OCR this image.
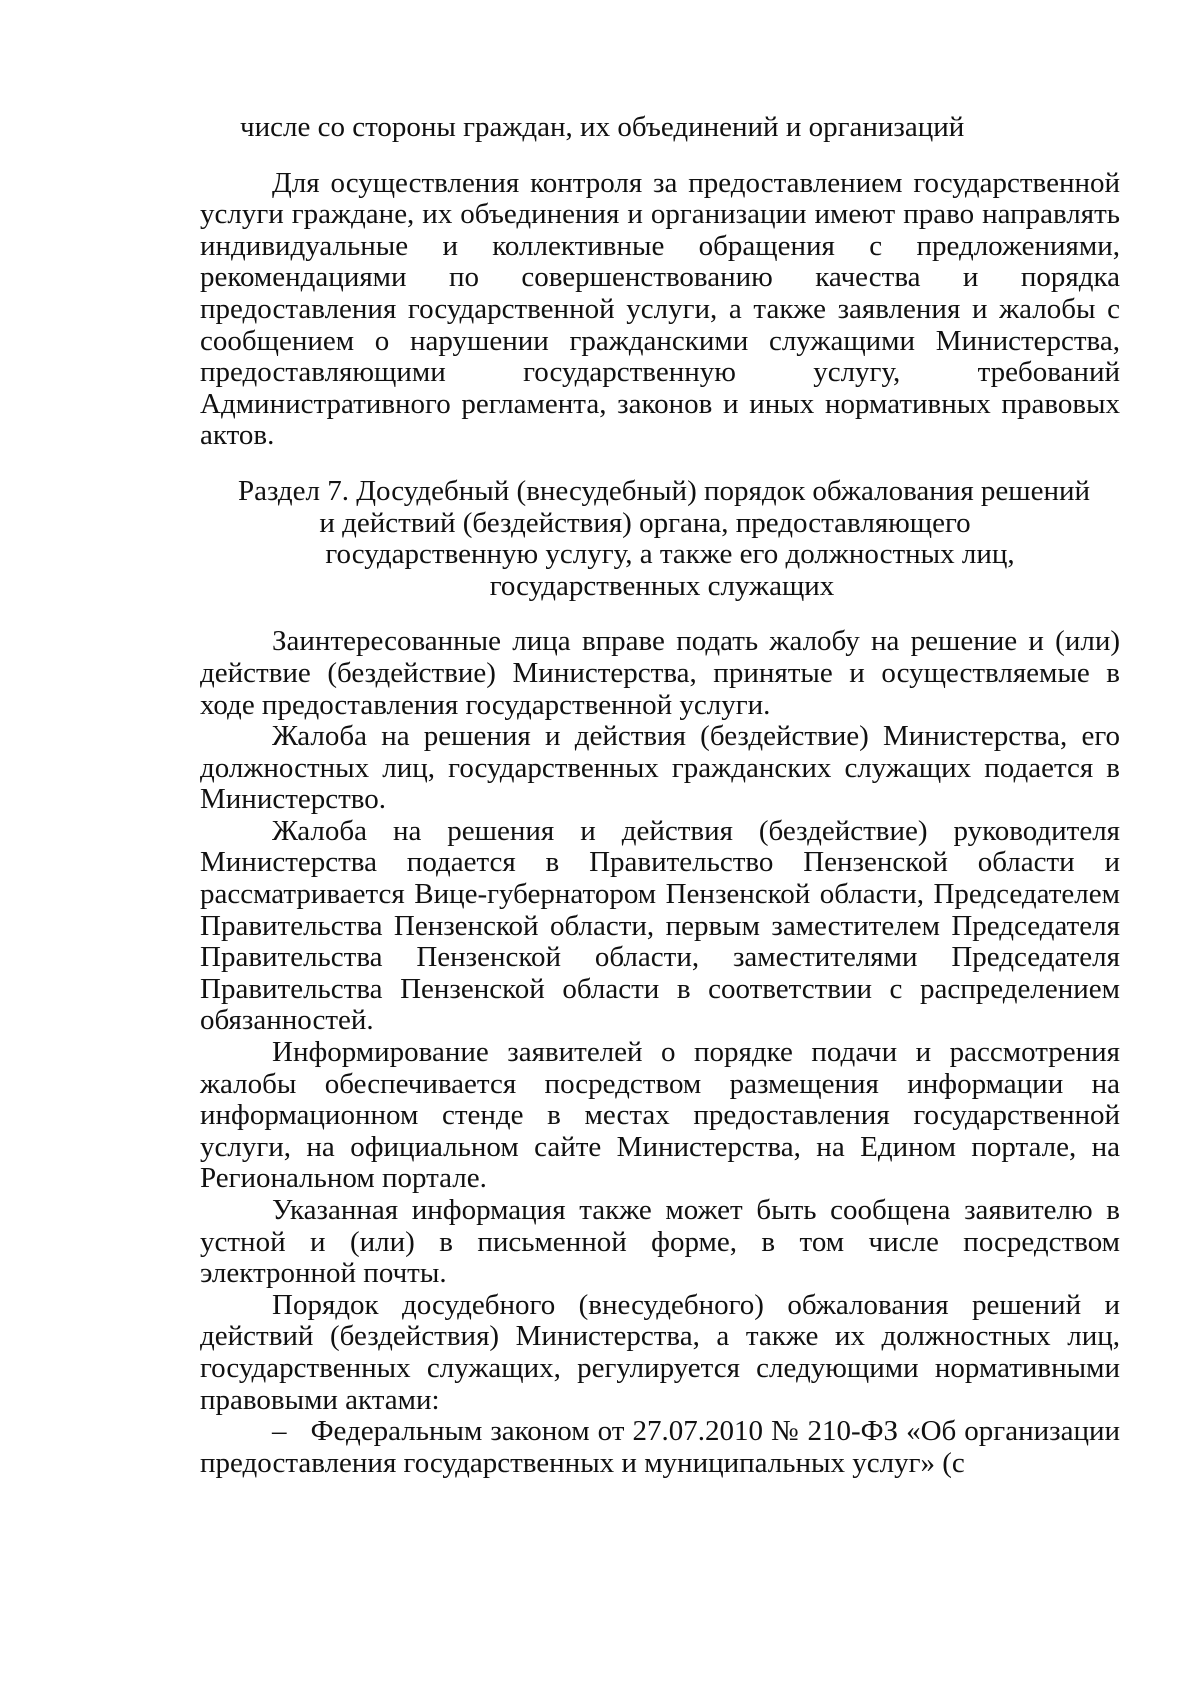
числе со стороны граждан, их объединений и организаций

Для осуществления контроля за предоставлением государственной услуги граждане, их объединения и организации имеют право направлять индивидуальные и коллективные обращения с предложениями, рекомендациями по совершенствованию качества и порядка предоставления государственной услуги, а также заявления и жалобы с сообщением о нарушении гражданскими служащими Министерства, предоставляющими государственную услугу, требований Административного регламента, законов и иных нормативных правовых актов.

Раздел 7. Досудебный (внесудебный) порядок обжалования решений
и действий (бездействия) органа, предоставляющего
государственную услугу, а также его должностных лиц,
государственных служащих

Заинтересованные лица вправе подать жалобу на решение и (или) действие (бездействие) Министерства, принятые и осуществляемые в ходе предоставления государственной услуги.

Жалоба на решения и действия (бездействие) Министерства, его должностных лиц, государственных гражданских служащих подается в Министерство.

Жалоба на решения и действия (бездействие) руководителя Министерства подается в Правительство Пензенской области и рассматривается Вице-губернатором Пензенской области, Председателем Правительства Пензенской области, первым заместителем Председателя Правительства Пензенской области, заместителями Председателя Правительства Пензенской области в соответствии с распределением обязанностей.

Информирование заявителей о порядке подачи и рассмотрения жалобы обеспечивается посредством размещения информации на информационном стенде в местах предоставления государственной услуги, на официальном сайте Министерства, на Едином портале, на Региональном портале.

Указанная информация также может быть сообщена заявителю в устной и (или) в письменной форме, в том числе посредством электронной почты.

Порядок досудебного (внесудебного) обжалования решений и действий (бездействия) Министерства, а также их должностных лиц, государственных служащих, регулируется следующими нормативными правовыми актами:

– Федеральным законом от 27.07.2010 № 210-ФЗ «Об организации предоставления государственных и муниципальных услуг» (с
